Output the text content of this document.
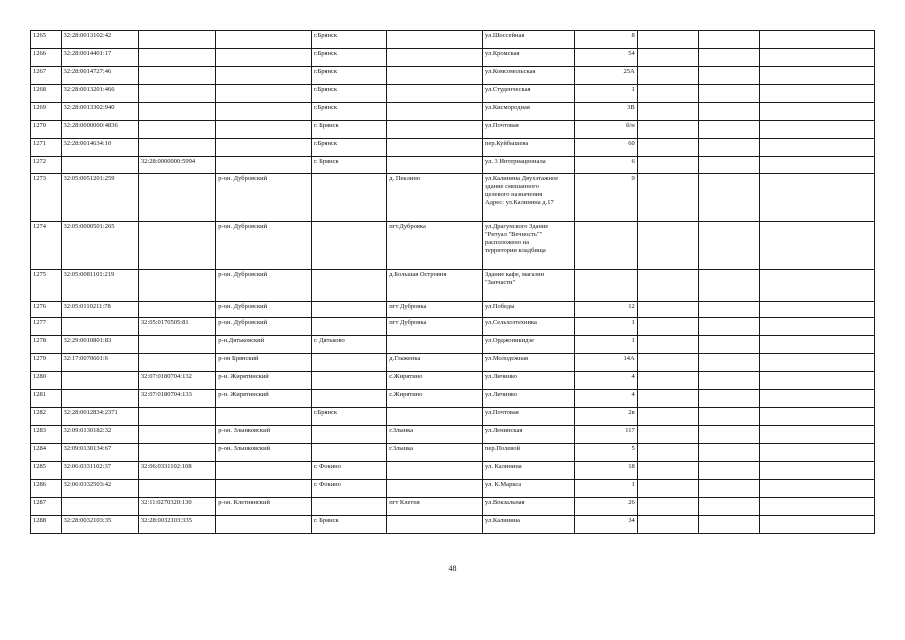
1265	32:28:0013102:42			г.Брянск		ул.Шоссейная	8			
1266	32:28:0014401:17			г.Брянск		ул.Кромская	54			
1267	32:28:0014727:46			г.Брянск		ул.Комсомольская	25А			
1268	32:28:0013201:466			г.Брянск		ул.Студенческая	1			
1269	32:28:0013302:940			г.Брянск		ул.Кисмородная	3В			
1270	32:28:0000000:4836			г. Брянск		ул.Почтовая	б/н			
1271	32:28:0014634:10			г.Брянск		пер.Куйбышева	60			
1272		32:28:0000000:5994		г. Брянск		ул. 3 Интернационала	6			
1273	32:05:0051201:259		р-он. Дубровский		д. Пеклино	ул.Калинина Двухэтажное
здание смешанного
целевого назначения
Адрес: ул.Калинина д.17	9			
1274	32:05:0000501:265		р-он. Дубровский		пгт.Дубровка	ул.Драгунского Здание
"Ритуал "Вечность""
расположено на
территории кладбища				
1275	32:05:0081101:219		р-он. Дубровский		д.Большая Островня	Здание кафе, магазин
"Запчасти"				
1276	32:05:0110211:78		р-он. Дубровский		пгт Дубровка	ул.Победы	12			
1277		32:05:0170505:81	р-он. Дубровский		пгт Дубровка	ул.Сельхозтехника	1			
1278	32:29:0010801:83		р-н.Дятьковский	г. Дятьково		ул.Орджоникидзе	1			
1279	32:17:0070601:6		р-он Брянский		д.Глаженка	ул.Молодежная	14А			
1280		32:07:0180704:132	р-н. Жирятинский		с.Жирятино	ул.Личинко	4			
1281		32:07:0180704:133	р-н. Жирятинский		с.Жирятино	ул.Личинко	4			
1282	32:28:0012834:2371			г.Брянск		ул.Почтовая	2в			
1283	32:09:0130182:32		р-он. Злынковский		г.Злынка	ул.Ленинская	117			
1284	32:09:0130134:67		р-он. Злынковский		г.Злынка	пер.Полевой	5			
1285	32:06:0331102:37	32:06:0331102:108		г. Фокино		ул. Калинина	18			
1286	32:06:0332503:42			г. Фокино		ул. К.Маркса	1			
1287		32:11:0270320:130	р-он. Клетнянский		пгт Клетня	ул.Вокзальная	26			
1288	32:28:0032103:35	32:28:0032103:335		г. Брянск		ул.Калинина	34			
48
